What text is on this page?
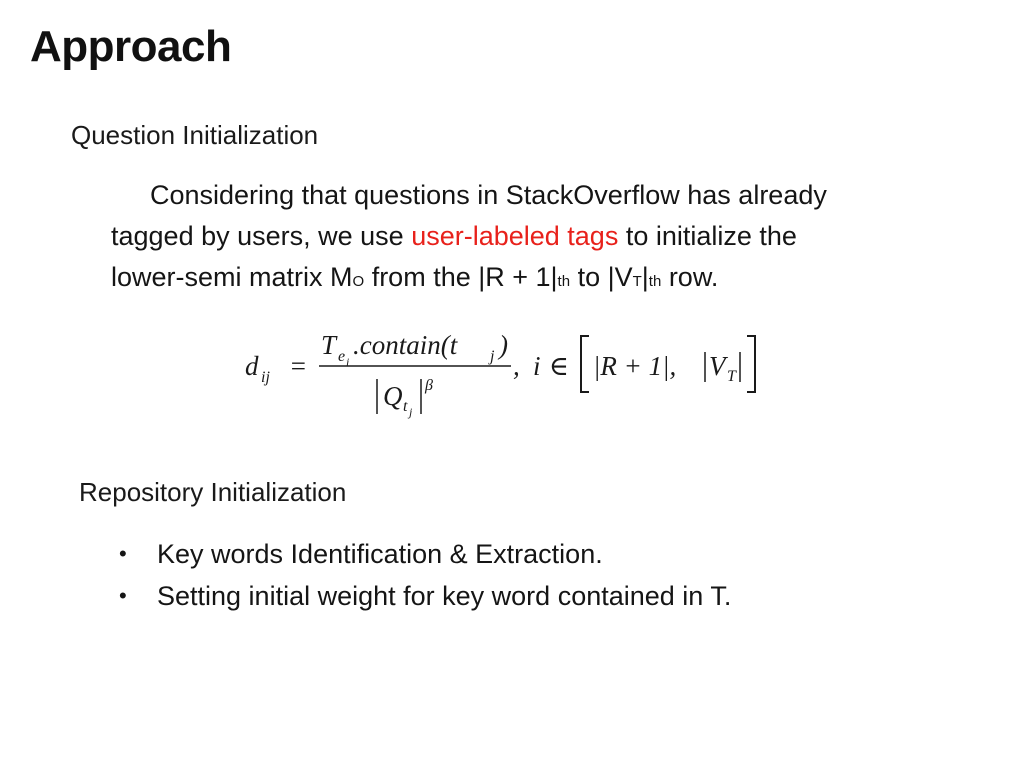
Approach
Question Initialization
Considering that questions in StackOverflow has already
tagged by users, we use user-labeled tags to initialize the
lower-semi matrix MO from the |R + 1|th to |VT|th row.
d ij =
T e i
.contain(t j )
Q t j
β
, i ∈ |R + 1|, V T
Repository Initialization
• Key words Identification & Extraction.
• Setting initial weight for key word contained in T.
